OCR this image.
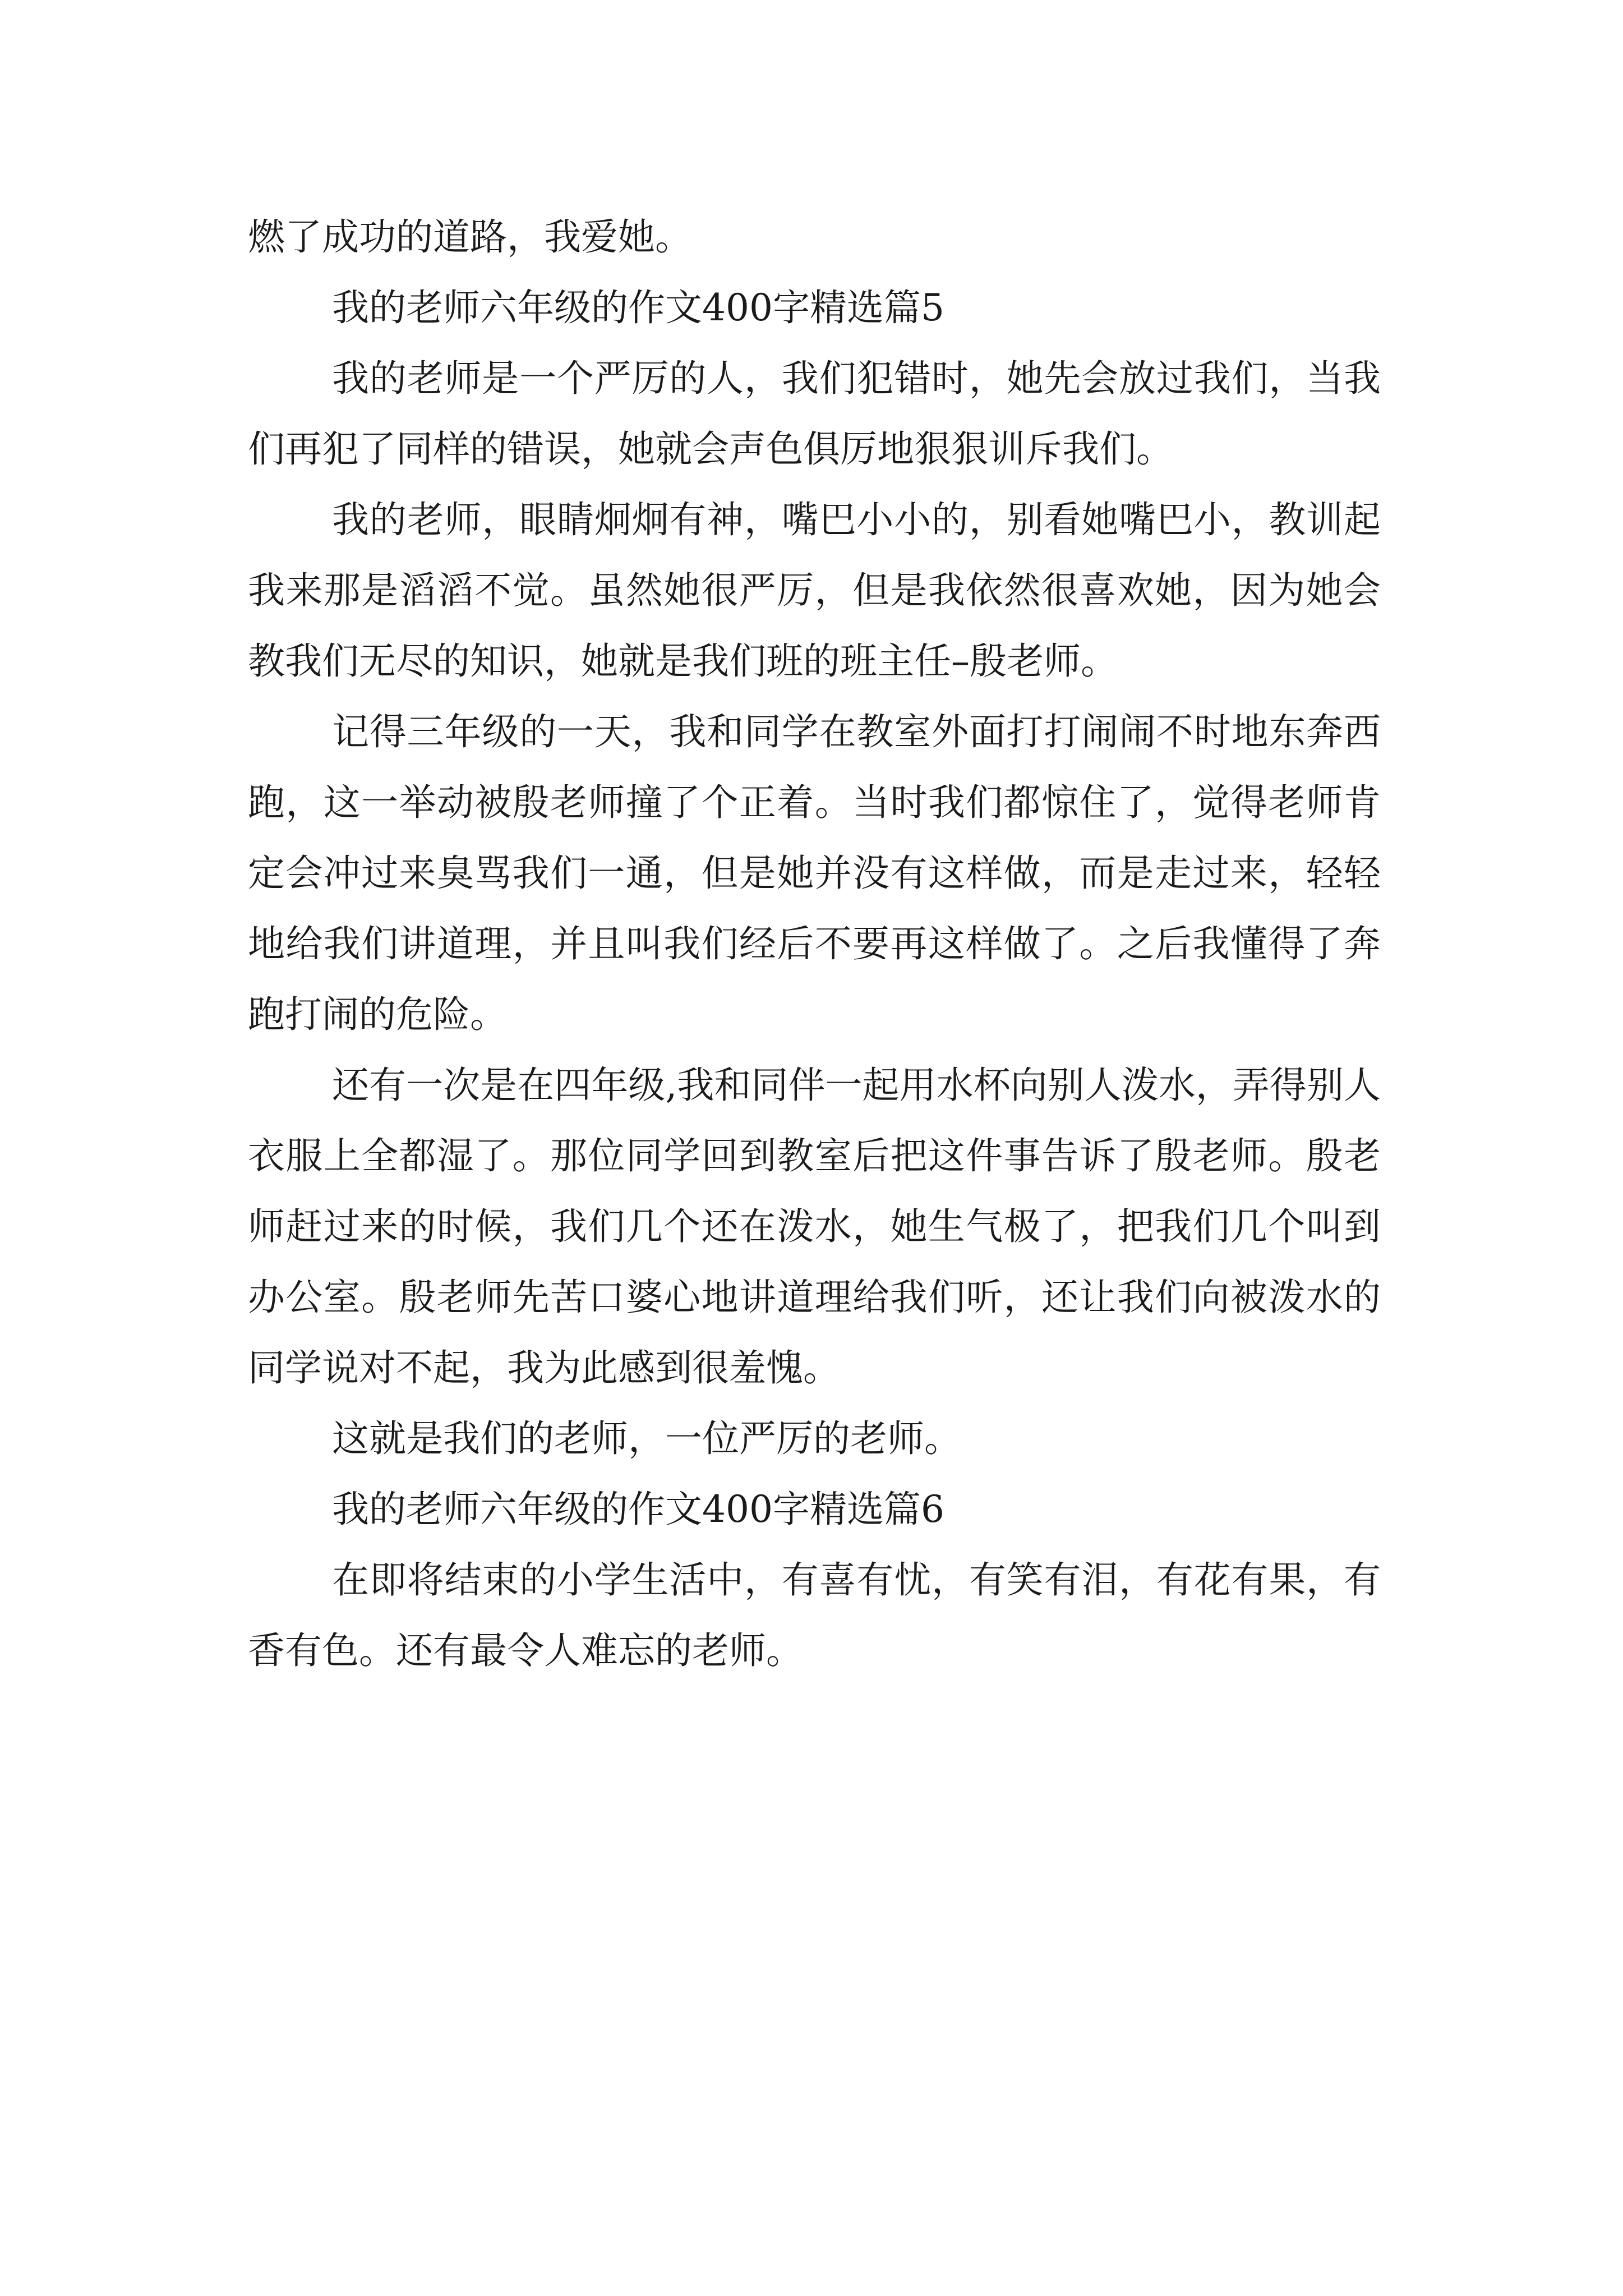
燃了成功的道路，我爱她。

我的老师六年级的作文400字精选篇5

我的老师是一个严厉的人，我们犯错时，她先会放过我们，当我们再犯了同样的错误，她就会声色俱厉地狠狠训斥我们。

我的老师，眼睛炯炯有神，嘴巴小小的，别看她嘴巴小，教训起我来那是滔滔不觉。虽然她很严厉，但是我依然很喜欢她，因为她会教我们无尽的知识，她就是我们班的班主任–殷老师。

记得三年级的一天，我和同学在教室外面打打闹闹不时地东奔西跑，这一举动被殷老师撞了个正着。当时我们都惊住了，觉得老师肯定会冲过来臭骂我们一通，但是她并没有这样做，而是走过来，轻轻地给我们讲道理，并且叫我们经后不要再这样做了。之后我懂得了奔跑打闹的危险。

还有一次是在四年级,我和同伴一起用水杯向别人泼水，弄得别人衣服上全都湿了。那位同学回到教室后把这件事告诉了殷老师。殷老师赶过来的时候，我们几个还在泼水，她生气极了，把我们几个叫到办公室。殷老师先苦口婆心地讲道理给我们听，还让我们向被泼水的同学说对不起，我为此感到很羞愧。

这就是我们的老师，一位严厉的老师。

我的老师六年级的作文400字精选篇6

在即将结束的小学生活中，有喜有忧，有笑有泪，有花有果，有香有色。还有最令人难忘的老师。
